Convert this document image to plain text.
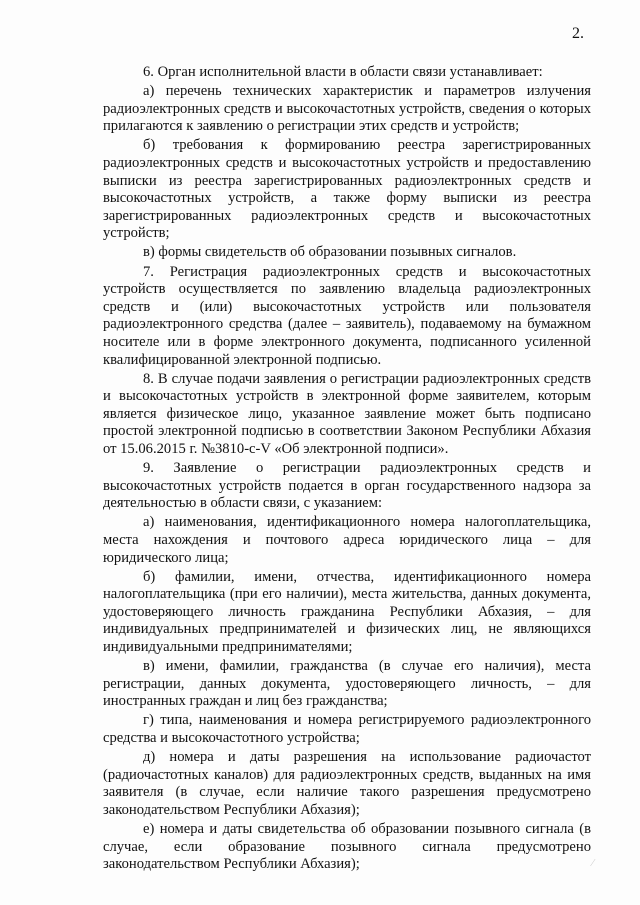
2.

6. Орган исполнительной власти в области связи устанавливает:

а) перечень технических характеристик и параметров излучения радиоэлектронных средств и высокочастотных устройств, сведения о которых прилагаются к заявлению о регистрации этих средств и устройств;

б) требования к формированию реестра зарегистрированных радиоэлектронных средств и высокочастотных устройств и предоставлению выписки из реестра зарегистрированных радиоэлектронных средств и высокочастотных устройств, а также форму выписки из реестра зарегистрированных радиоэлектронных средств и высокочастотных устройств;

в) формы свидетельств об образовании позывных сигналов.

7. Регистрация радиоэлектронных средств и высокочастотных устройств осуществляется по заявлению владельца радиоэлектронных средств и (или) высокочастотных устройств или пользователя радиоэлектронного средства (далее – заявитель), подаваемому на бумажном носителе или в форме электронного документа, подписанного усиленной квалифицированной электронной подписью.

8. В случае подачи заявления о регистрации радиоэлектронных средств и высокочастотных устройств в электронной форме заявителем, которым является физическое лицо, указанное заявление может быть подписано простой электронной подписью в соответствии Законом Республики Абхазия от 15.06.2015 г. №3810-с-V «Об электронной подписи».

9. Заявление о регистрации радиоэлектронных средств и высокочастотных устройств подается в орган государственного надзора за деятельностью в области связи, с указанием:

а) наименования, идентификационного номера налогоплательщика, места нахождения и почтового адреса юридического лица – для юридического лица;

б) фамилии, имени, отчества, идентификационного номера налогоплательщика (при его наличии), места жительства, данных документа, удостоверяющего личность гражданина Республики Абхазия, – для индивидуальных предпринимателей и физических лиц, не являющихся индивидуальными предпринимателями;

в) имени, фамилии, гражданства (в случае его наличия), места регистрации, данных документа, удостоверяющего личность, – для иностранных граждан и лиц без гражданства;

г) типа, наименования и номера регистрируемого радиоэлектронного средства и высокочастотного устройства;

д) номера и даты разрешения на использование радиочастот (радиочастотных каналов) для радиоэлектронных средств, выданных на имя заявителя (в случае, если наличие такого разрешения предусмотрено законодательством Республики Абхазия);

е) номера и даты свидетельства об образовании позывного сигнала (в случае, если образование позывного сигнала предусмотрено законодательством Республики Абхазия);	⁄
